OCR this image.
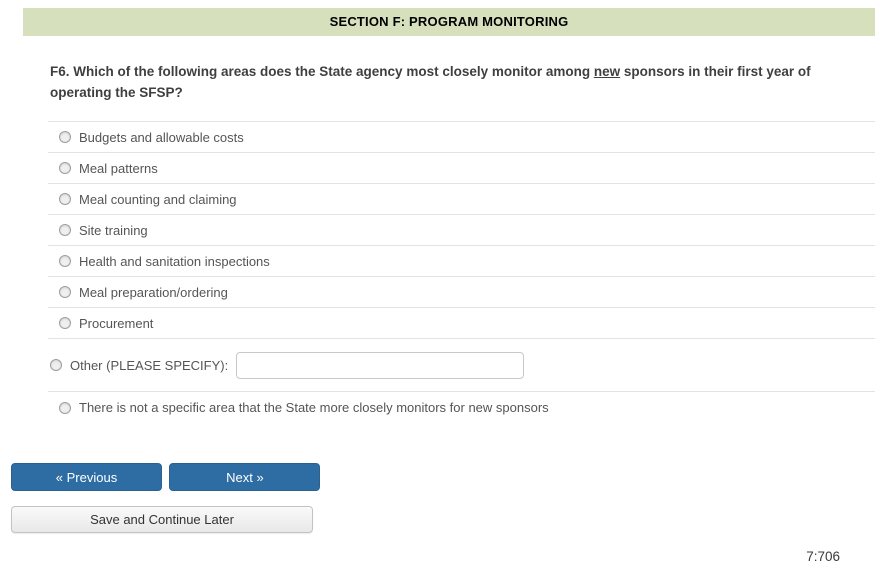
SECTION F: PROGRAM MONITORING
F6. Which of the following areas does the State agency most closely monitor among new sponsors in their first year of operating the SFSP?
Budgets and allowable costs
Meal patterns
Meal counting and claiming
Site training
Health and sanitation inspections
Meal preparation/ordering
Procurement
Other (PLEASE SPECIFY):
There is not a specific area that the State more closely monitors for new sponsors
« Previous	Next »
Save and Continue Later
7:706
